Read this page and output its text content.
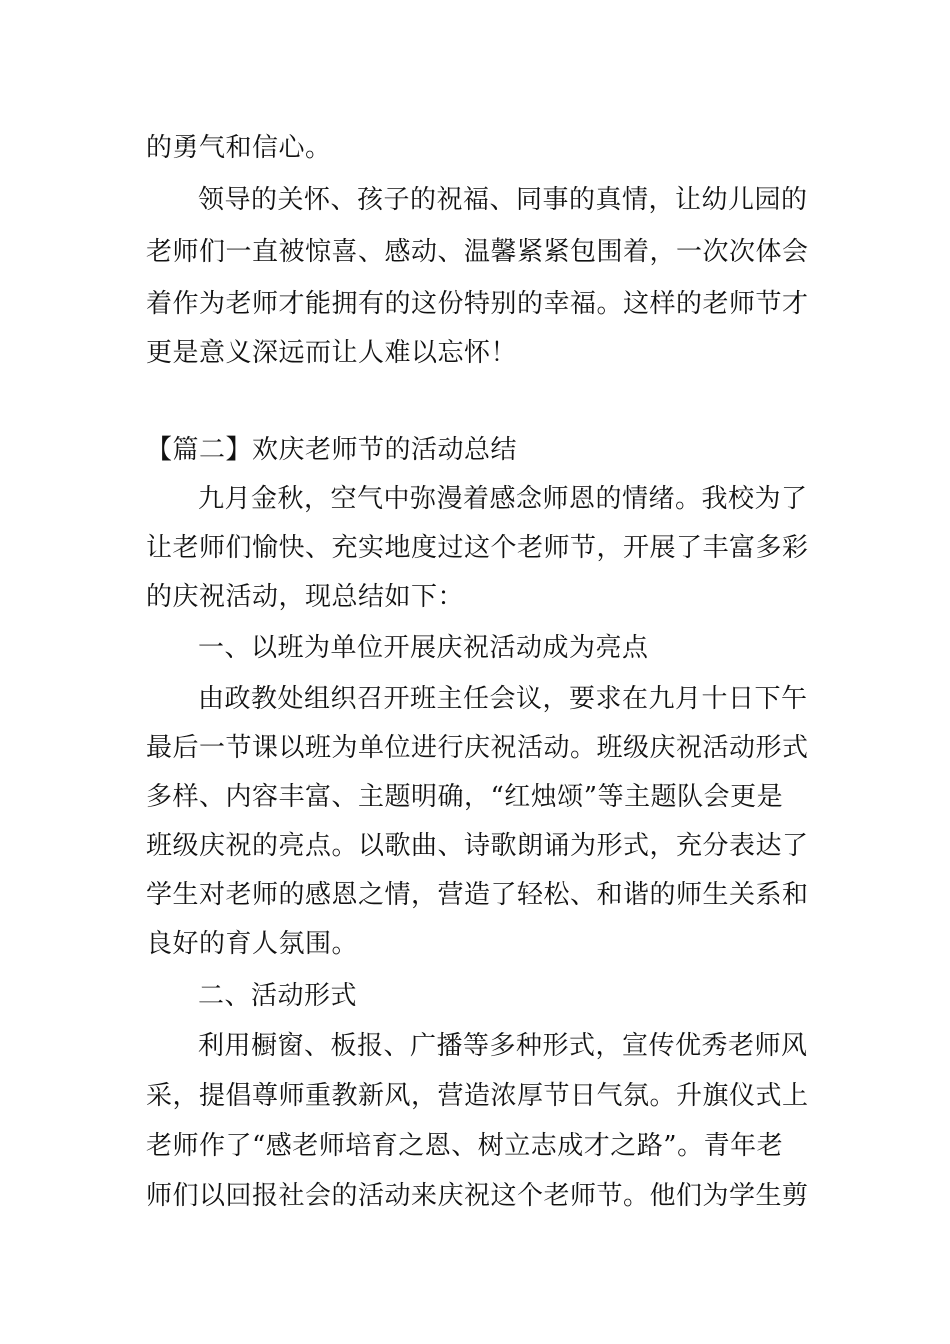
的勇气和信心。
领导的关怀、孩子的祝福、同事的真情，让幼儿园的
老师们一直被惊喜、感动、温馨紧紧包围着，一次次体会
着作为老师才能拥有的这份特别的幸福。这样的老师节才
更是意义深远而让人难以忘怀！
【篇二】欢庆老师节的活动总结
九月金秋，空气中弥漫着感念师恩的情绪。我校为了
让老师们愉快、充实地度过这个老师节，开展了丰富多彩
的庆祝活动，现总结如下：
一、以班为单位开展庆祝活动成为亮点
由政教处组织召开班主任会议，要求在九月十日下午
最后一节课以班为单位进行庆祝活动。班级庆祝活动形式
多样、内容丰富、主题明确，“红烛颂”等主题队会更是
班级庆祝的亮点。以歌曲、诗歌朗诵为形式，充分表达了
学生对老师的感恩之情，营造了轻松、和谐的师生关系和
良好的育人氛围。
二、活动形式
利用橱窗、板报、广播等多种形式，宣传优秀老师风
采，提倡尊师重教新风，营造浓厚节日气氛。升旗仪式上
老师作了“感老师培育之恩、树立志成才之路”。青年老
师们以回报社会的活动来庆祝这个老师节。他们为学生剪
